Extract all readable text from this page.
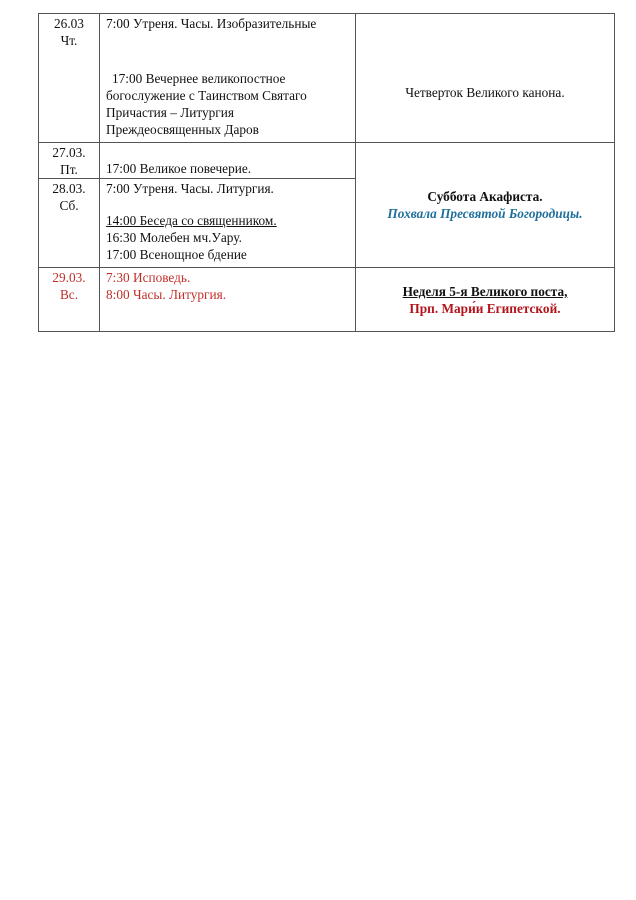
26.03
Чт.	7:00 Утреня. Часы. Изобразительные
17:00 Вечернее великопостное
богослужение с Таинством Святаго
Причастия – Литургия
Преждеосвященных Даров	Четверток Великого канона.

27.03.
Пт.	17:00 Великое повечерие.	Суббота Акафиста.
Похвала Пресвятой Богородицы.

28.03.
Сб.	7:00 Утреня. Часы. Литургия.
14:00 Беседа со священником.
16:30 Молебен мч.Уару.
17:00 Всенощное бдение	

29.03.
Вс.	7:30 Исповедь.
8:00 Часы. Литургия.	Неделя 5-я Великого поста,
Прп. Мари́и Египетской.
